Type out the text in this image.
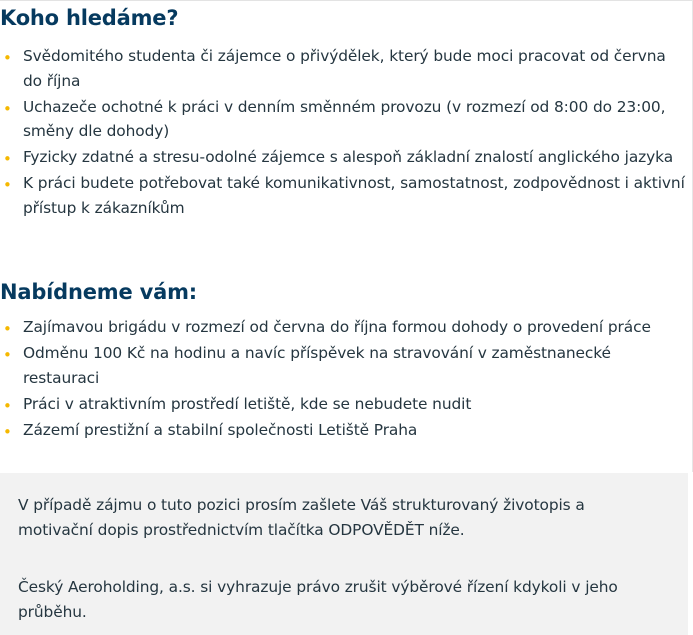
Koho hledáme?
• Svědomitého studenta či zájemce o přivýdělek, který bude moci pracovat od června do října
• Uchazeče ochotné k práci v denním směnném provozu (v rozmezí od 8:00 do 23:00, směny dle dohody)
• Fyzicky zdatné a stresu-odolné zájemce s alespoň základní znalostí anglického jazyka
• K práci budete potřebovat také komunikativnost, samostatnost, zodpovědnost i aktivní přístup k zákazníkům
Nabídneme vám:
• Zajímavou brigádu v rozmezí od června do října formou dohody o provedení práce
• Odměnu 100 Kč na hodinu a navíc příspěvek na stravování v zaměstnanecké restauraci
• Práci v atraktivním prostředí letiště, kde se nebudete nudit
• Zázemí prestižní a stabilní společnosti Letiště Praha

V případě zájmu o tuto pozici prosím zašlete Váš strukturovaný životopis a motivační dopis prostřednictvím tlačítka ODPOVĚDĚT níže.

Český Aeroholding, a.s. si vyhrazuje právo zrušit výběrové řízení kdykoli v jeho průběhu.
